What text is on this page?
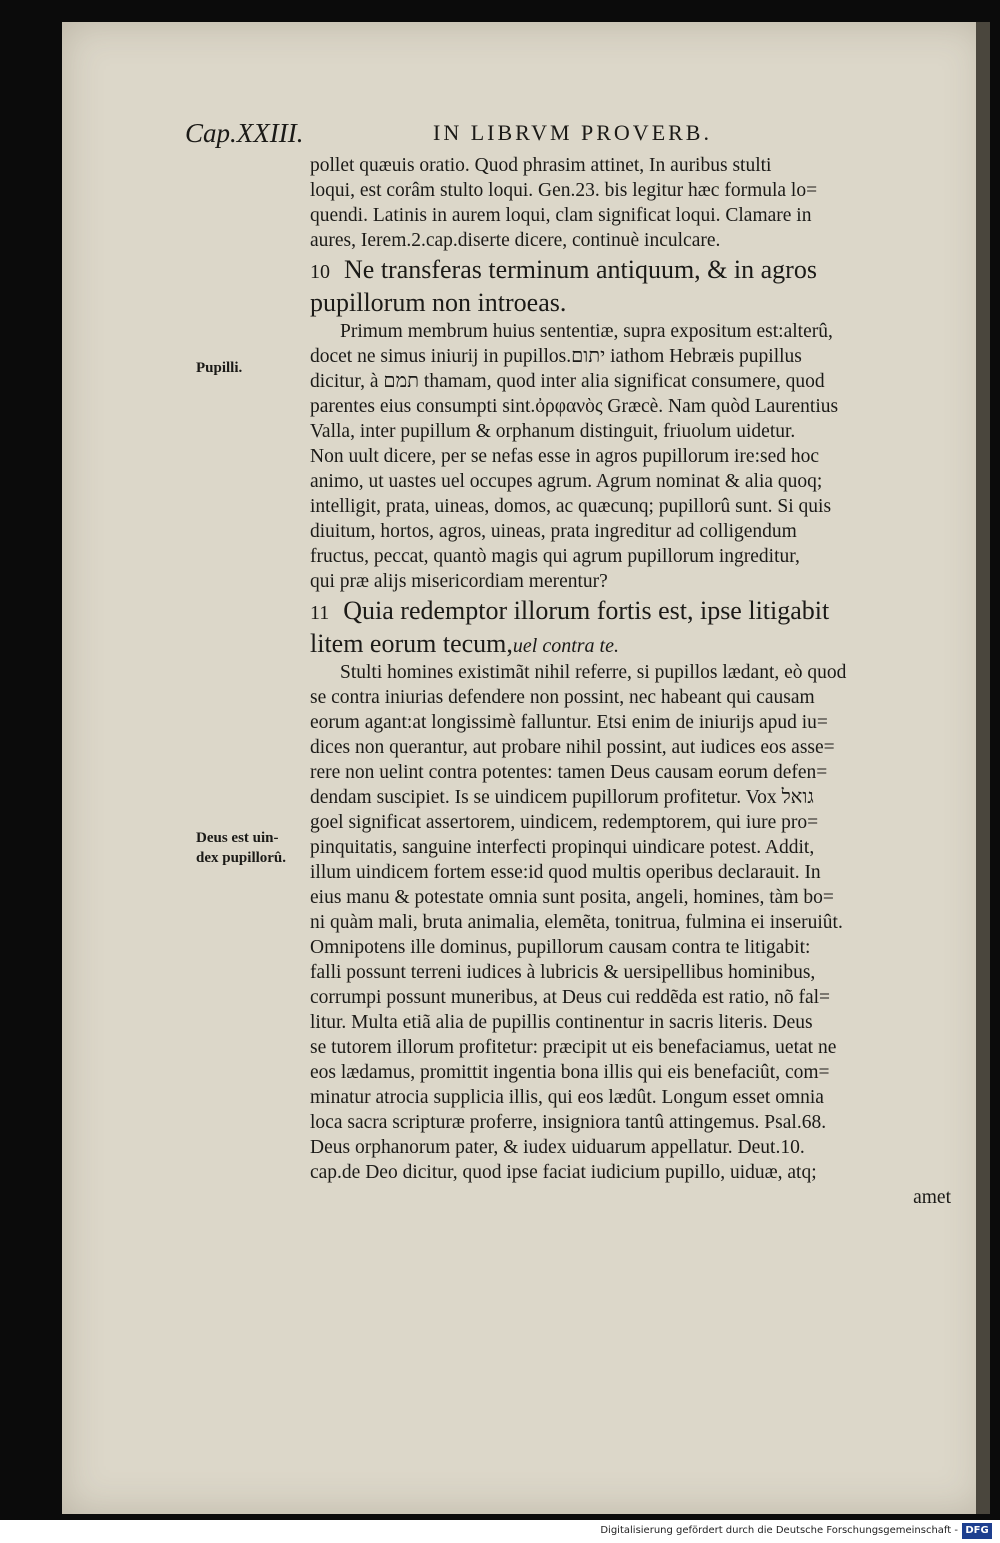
Cap.XXIII.	IN LIBRVM PROVERB.
Pupilli.
Deus est uin-
dex pupillorû.
pollet quæuis oratio. Quod phrasim attinet, In auribus stulti
loqui, est corâm stulto loqui. Gen.23. bis legitur hæc formula lo=
quendi. Latinis in aurem loqui, clam significat loqui. Clamare in
aures, Ierem.2.cap.diserte dicere, continuè inculcare.
10 Ne transferas terminum antiquum, & in agros
pupillorum non introeas.
Primum membrum huius sententiæ, supra expositum est:alterû,
docet ne simus iniurij in pupillos.יתום iathom Hebræis pupillus
dicitur, à תמם thamam, quod inter alia significat consumere, quod
parentes eius consumpti sint.ὀρφανὸς Græcè. Nam quòd Laurentius
Valla, inter pupillum & orphanum distinguit, friuolum uidetur.
Non uult dicere, per se nefas esse in agros pupillorum ire:sed hoc
animo, ut uastes uel occupes agrum. Agrum nominat & alia quoq;
intelligit, prata, uineas, domos, ac quæcunq; pupillorû sunt. Si quis
diuitum, hortos, agros, uineas, prata ingreditur ad colligendum
fructus, peccat, quantò magis qui agrum pupillorum ingreditur,
qui præ alijs misericordiam merentur?
11 Quia redemptor illorum fortis est, ipse litigabit
litem eorum tecum,uel contra te.
Stulti homines existimãt nihil referre, si pupillos lædant, eò quod
se contra iniurias defendere non possint, nec habeant qui causam
eorum agant:at longissimè falluntur. Etsi enim de iniurijs apud iu=
dices non querantur, aut probare nihil possint, aut iudices eos asse=
rere non uelint contra potentes: tamen Deus causam eorum defen=
dendam suscipiet. Is se uindicem pupillorum profitetur. Vox גואל
goel significat assertorem, uindicem, redemptorem, qui iure pro=
pinquitatis, sanguine interfecti propinqui uindicare potest. Addit,
illum uindicem fortem esse:id quod multis operibus declarauit. In
eius manu & potestate omnia sunt posita, angeli, homines, tàm bo=
ni quàm mali, bruta animalia, elemẽta, tonitrua, fulmina ei inseruiût.
Omnipotens ille dominus, pupillorum causam contra te litigabit:
falli possunt terreni iudices à lubricis & uersipellibus hominibus,
corrumpi possunt muneribus, at Deus cui reddẽda est ratio, nõ fal=
litur. Multa etiã alia de pupillis continentur in sacris literis. Deus
se tutorem illorum profitetur: præcipit ut eis benefaciamus, uetat ne
eos lædamus, promittit ingentia bona illis qui eis benefaciût, com=
minatur atrocia supplicia illis, qui eos lædût. Longum esset omnia
loca sacra scripturæ proferre, insigniora tantû attingemus. Psal.68.
Deus orphanorum pater, & iudex uiduarum appellatur. Deut.10.
cap.de Deo dicitur, quod ipse faciat iudicium pupillo, uiduæ, atq;
amet
Digitalisierung gefördert durch die Deutsche Forschungsgemeinschaft - DFG
